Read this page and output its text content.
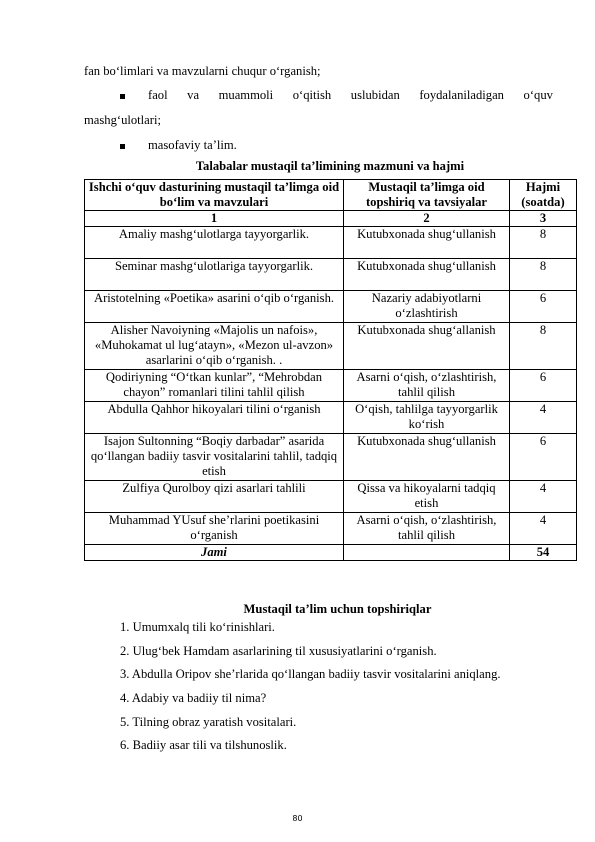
fan bo‘limlari va mavzularni chuqur o‘rganish;
faol va muammoli o‘qitish uslubidan foydalaniladigan o‘quv
mashg‘ulotlari;
masofaviy ta’lim.
Talabalar mustaqil ta’limining mazmuni va hajmi
Ishchi o‘quv dasturining mustaqil ta’limga oid bo‘lim va mavzulari	Mustaqil ta’limga oid topshiriq va tavsiyalar	Hajmi (soatda)
1	2	3
Amaliy mashg‘ulotlarga tayyorgarlik.	Kutubxonada shug‘ullanish	8
Seminar mashg‘ulotlariga tayyorgarlik.	Kutubxonada shug‘ullanish	8
Aristotelning «Poetika» asarini o‘qib o‘rganish.	Nazariy adabiyotlarni o‘zlashtirish	6
Alisher Navoiyning «Majolis un nafois», «Muhokamat ul lug‘atayn», «Mezon ul-avzon» asarlarini o‘qib o‘rganish. .	Kutubxonada shug‘allanish	8
Qodiriyning “O‘tkan kunlar”, “Mehrobdan chayon” romanlari tilini tahlil qilish	Asarni o‘qish, o‘zlashtirish, tahlil qilish	6
Abdulla Qahhor hikoyalari tilini o‘rganish	O‘qish, tahlilga tayyorgarlik ko‘rish	4
Isajon Sultonning “Boqiy darbadar” asarida qo‘llangan badiiy tasvir vositalarini tahlil, tadqiq etish	Kutubxonada shug‘ullanish	6
Zulfiya Qurolboy qizi asarlari tahlili	Qissa va hikoyalarni tadqiq etish	4
Muhammad YUsuf she’rlarini poetikasini o‘rganish	Asarni o‘qish, o‘zlashtirish, tahlil qilish	4
Jami		54
Mustaqil ta’lim uchun topshiriqlar
1. Umumxalq tili ko‘rinishlari.
2. Ulug‘bek Hamdam asarlarining til xususiyatlarini o‘rganish.
3. Abdulla Oripov she’rlarida qo‘llangan badiiy tasvir vositalarini aniqlang.
4. Adabiy va badiiy til nima?
5. Tilning obraz yaratish vositalari.
6. Badiiy asar tili va tilshunoslik.
80
